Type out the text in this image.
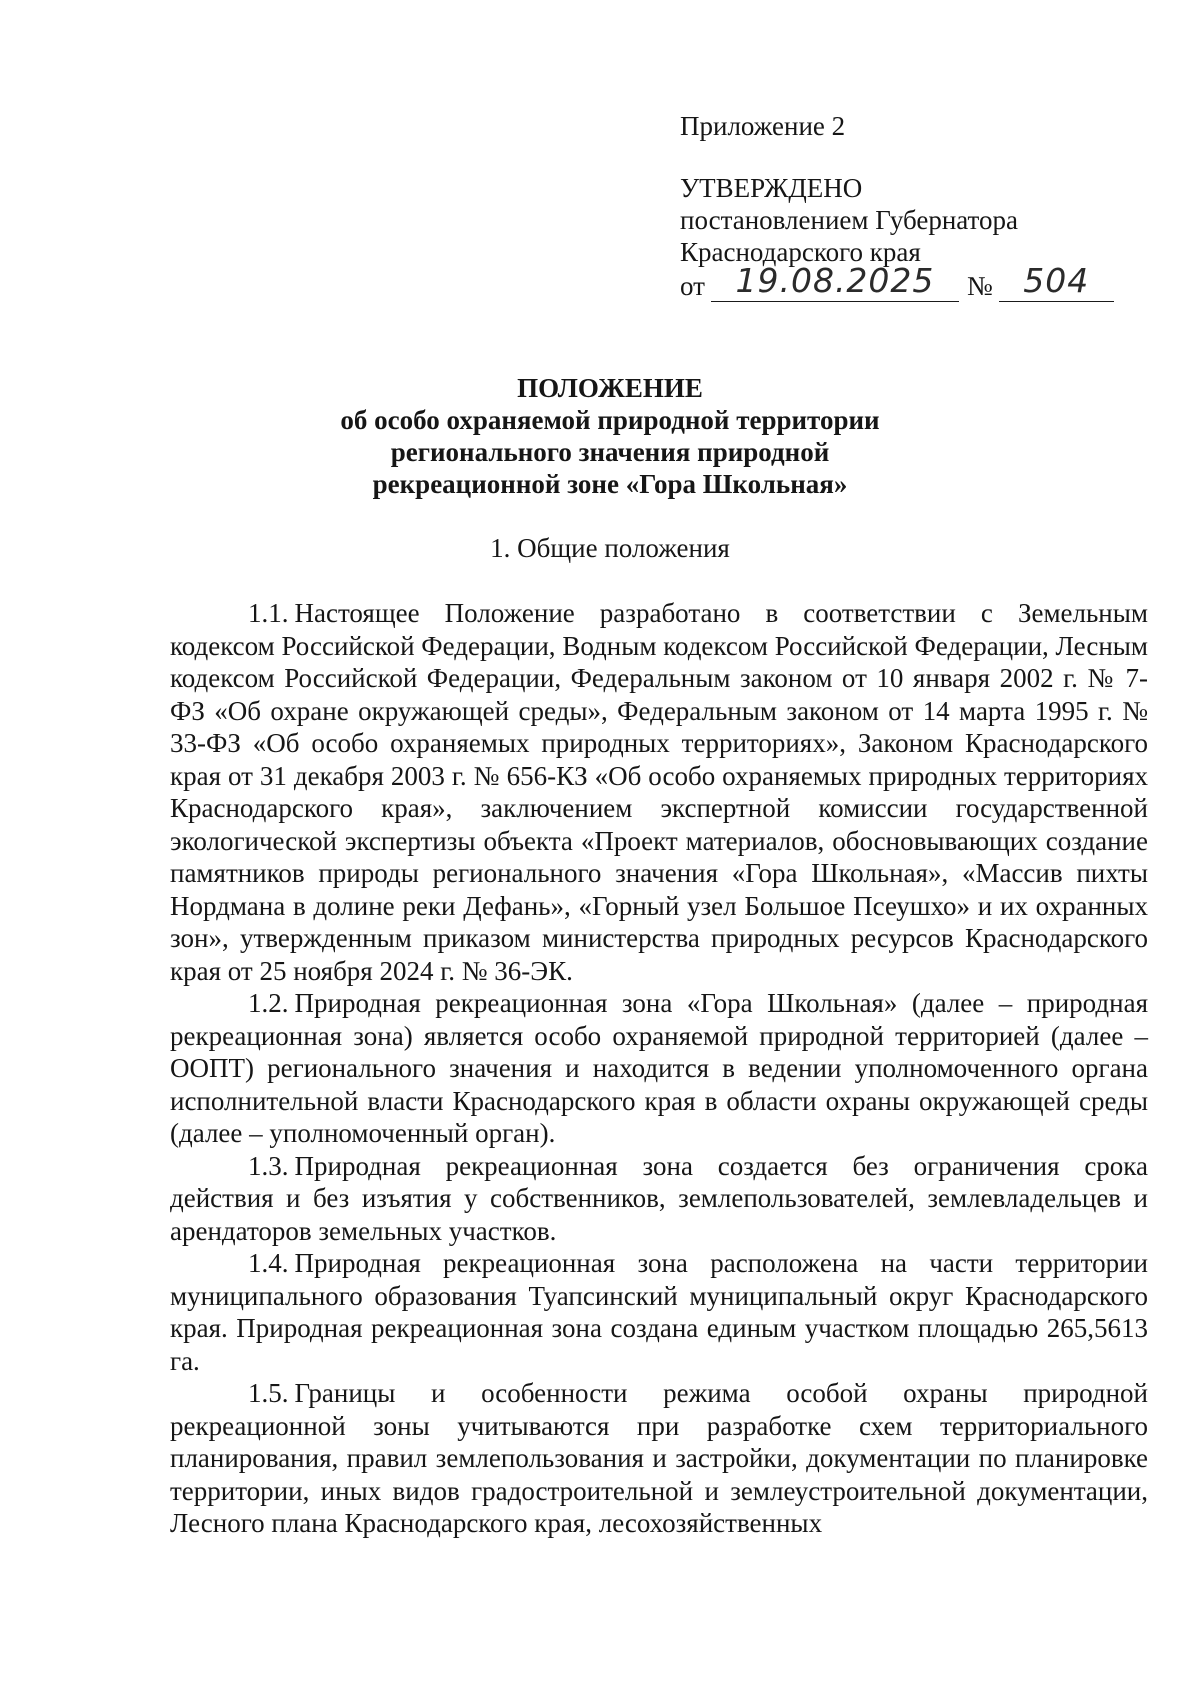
Приложение 2
УТВЕРЖДЕНО
постановлением Губернатора
Краснодарского края
от 19.08.2025	№ 504
ПОЛОЖЕНИЕ
об особо охраняемой природной территории
регионального значения природной
рекреационной зоне «Гора Школьная»
1. Общие положения

1.1. Настоящее Положение разработано в соответствии с Земельным кодексом Российской Федерации, Водным кодексом Российской Федерации, Лесным кодексом Российской Федерации, Федеральным законом от 10 января 2002 г. № 7-ФЗ «Об охране окружающей среды», Федеральным законом от 14 марта 1995 г. № 33-ФЗ «Об особо охраняемых природных территориях», Законом Краснодарского края от 31 декабря 2003 г. № 656-КЗ «Об особо охраняемых природных территориях Краснодарского края», заключением экспертной комиссии государственной экологической экспертизы объекта «Проект материалов, обосновывающих создание памятников природы регионального значения «Гора Школьная», «Массив пихты Нордмана в долине реки Дефань», «Горный узел Большое Псеушхо» и их охранных зон», утвержденным приказом министерства природных ресурсов Краснодарского края от 25 ноября 2024 г. № 36-ЭК.

1.2. Природная рекреационная зона «Гора Школьная» (далее – природная рекреационная зона) является особо охраняемой природной территорией (далее – ООПТ) регионального значения и находится в ведении уполномоченного органа исполнительной власти Краснодарского края в области охраны окружающей среды (далее – уполномоченный орган).

1.3. Природная рекреационная зона создается без ограничения срока действия и без изъятия у собственников, землепользователей, землевладельцев и арендаторов земельных участков.

1.4. Природная рекреационная зона расположена на части территории муниципального образования Туапсинский муниципальный округ Краснодарского края. Природная рекреационная зона создана единым участком площадью 265,5613 га.

1.5. Границы и особенности режима особой охраны природной рекреационной зоны учитываются при разработке схем территориального планирования, правил землепользования и застройки, документации по планировке территории, иных видов градостроительной и землеустроительной документации, Лесного плана Краснодарского края, лесохозяйственных
